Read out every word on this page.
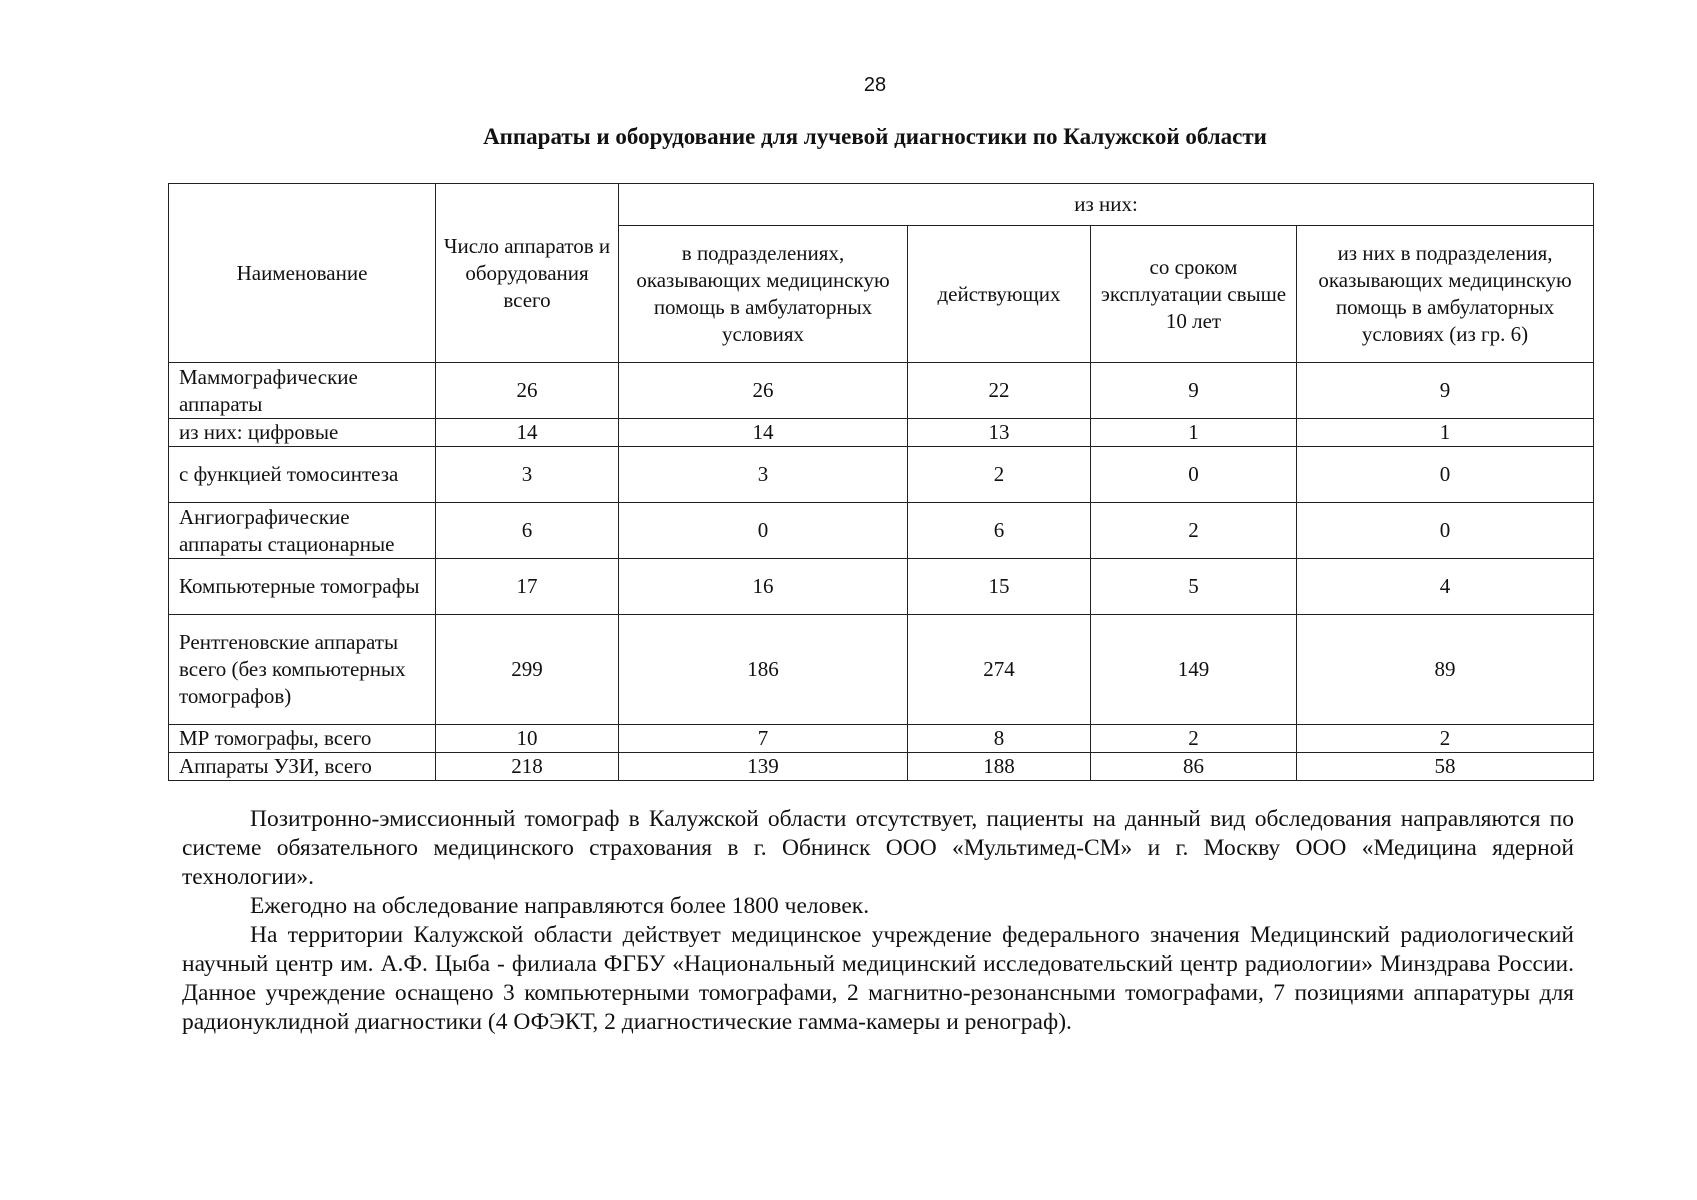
28
Аппараты и оборудование для лучевой диагностики по Калужской области
Наименование	Число аппаратов и оборудования всего	из них:			
		в подразделениях, оказывающих медицинскую помощь в амбулаторных условиях	действующих	со сроком эксплуатации свыше 10 лет	из них в подразделения, оказывающих медицинскую помощь в амбулаторных условиях (из гр. 6)
Маммографические аппараты	26	26	22	9	9
из них: цифровые	14	14	13	1	1
с функцией томосинтеза	3	3	2	0	0
Ангиографические аппараты стационарные	6	0	6	2	0
Компьютерные томографы	17	16	15	5	4
Рентгеновские аппараты всего (без компьютерных томографов)	299	186	274	149	89
МР томографы, всего	10	7	8	2	2
Аппараты УЗИ, всего	218	139	188	86	58

Позитронно-эмиссионный томограф в Калужской области отсутствует, пациенты на данный вид обследования направляются по системе обязательного медицинского страхования в г. Обнинск ООО «Мультимед-СМ» и г. Москву ООО «Медицина ядерной технологии».

Ежегодно на обследование направляются более 1800 человек.

На территории Калужской области действует медицинское учреждение федерального значения Медицинский радиологический научный центр им. А.Ф. Цыба - филиала ФГБУ «Национальный медицинский исследовательский центр радиологии» Минздрава России. Данное учреждение оснащено 3 компьютерными томографами, 2 магнитно-резонансными томографами, 7 позициями аппаратуры для радионуклидной диагностики (4 ОФЭКТ, 2 диагностические гамма-камеры и ренограф).
